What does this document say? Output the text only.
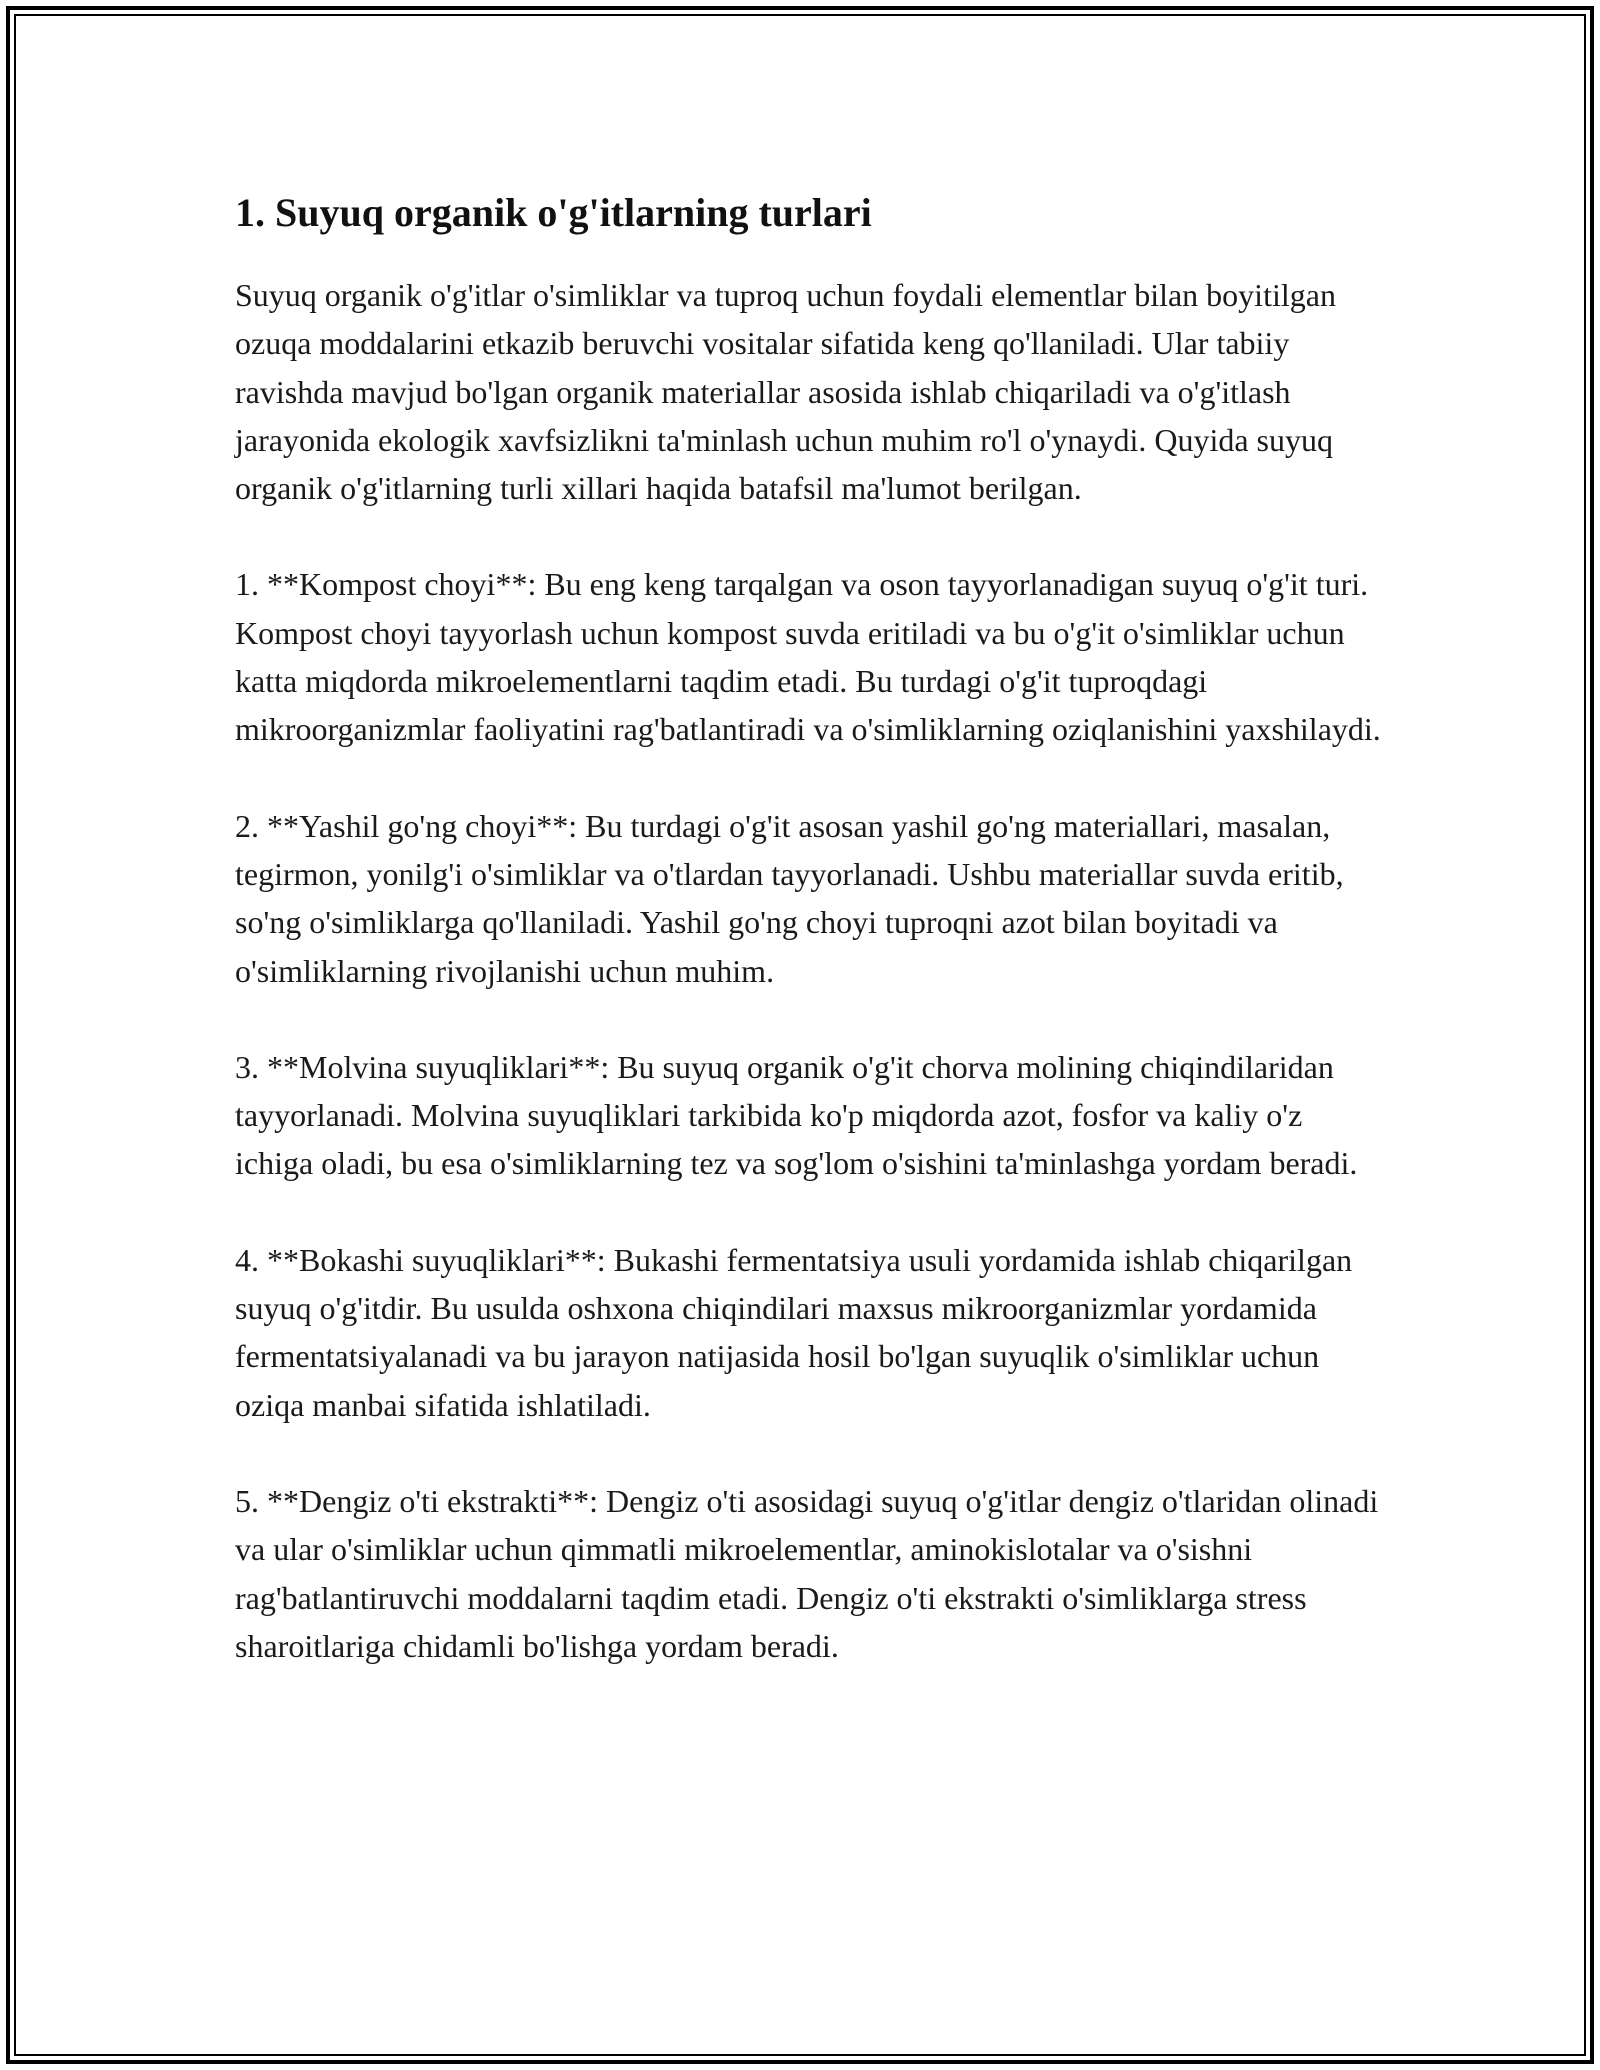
1. Suyuq organik o'g'itlarning turlari

Suyuq organik o'g'itlar o'simliklar va tuproq uchun foydali elementlar bilan boyitilgan ozuqa moddalarini etkazib beruvchi vositalar sifatida keng qo'llaniladi. Ular tabiiy ravishda mavjud bo'lgan organik materiallar asosida ishlab chiqariladi va o'g'itlash jarayonida ekologik xavfsizlikni ta'minlash uchun muhim ro'l o'ynaydi. Quyida suyuq organik o'g'itlarning turli xillari haqida batafsil ma'lumot berilgan.

1. **Kompost choyi**: Bu eng keng tarqalgan va oson tayyorlanadigan suyuq o'g'it turi. Kompost choyi tayyorlash uchun kompost suvda eritiladi va bu o'g'it o'simliklar uchun katta miqdorda mikroelementlarni taqdim etadi. Bu turdagi o'g'it tuproqdagi mikroorganizmlar faoliyatini rag'batlantiradi va o'simliklarning oziqlanishini yaxshilaydi.

2. **Yashil go'ng choyi**: Bu turdagi o'g'it asosan yashil go'ng materiallari, masalan, tegirmon, yonilg'i o'simliklar va o'tlardan tayyorlanadi. Ushbu materiallar suvda eritib, so'ng o'simliklarga qo'llaniladi. Yashil go'ng choyi tuproqni azot bilan boyitadi va o'simliklarning rivojlanishi uchun muhim.

3. **Molvina suyuqliklari**: Bu suyuq organik o'g'it chorva molining chiqindilaridan tayyorlanadi. Molvina suyuqliklari tarkibida ko'p miqdorda azot, fosfor va kaliy o'z ichiga oladi, bu esa o'simliklarning tez va sog'lom o'sishini ta'minlashga yordam beradi.

4. **Bokashi suyuqliklari**: Bukashi fermentatsiya usuli yordamida ishlab chiqarilgan suyuq o'g'itdir. Bu usulda oshxona chiqindilari maxsus mikroorganizmlar yordamida fermentatsiyalanadi va bu jarayon natijasida hosil bo'lgan suyuqlik o'simliklar uchun oziqa manbai sifatida ishlatiladi.

5. **Dengiz o'ti ekstrakti**: Dengiz o'ti asosidagi suyuq o'g'itlar dengiz o'tlaridan olinadi va ular o'simliklar uchun qimmatli mikroelementlar, aminokislotalar va o'sishni rag'batlantiruvchi moddalarni taqdim etadi. Dengiz o'ti ekstrakti o'simliklarga stress sharoitlariga chidamli bo'lishga yordam beradi.
